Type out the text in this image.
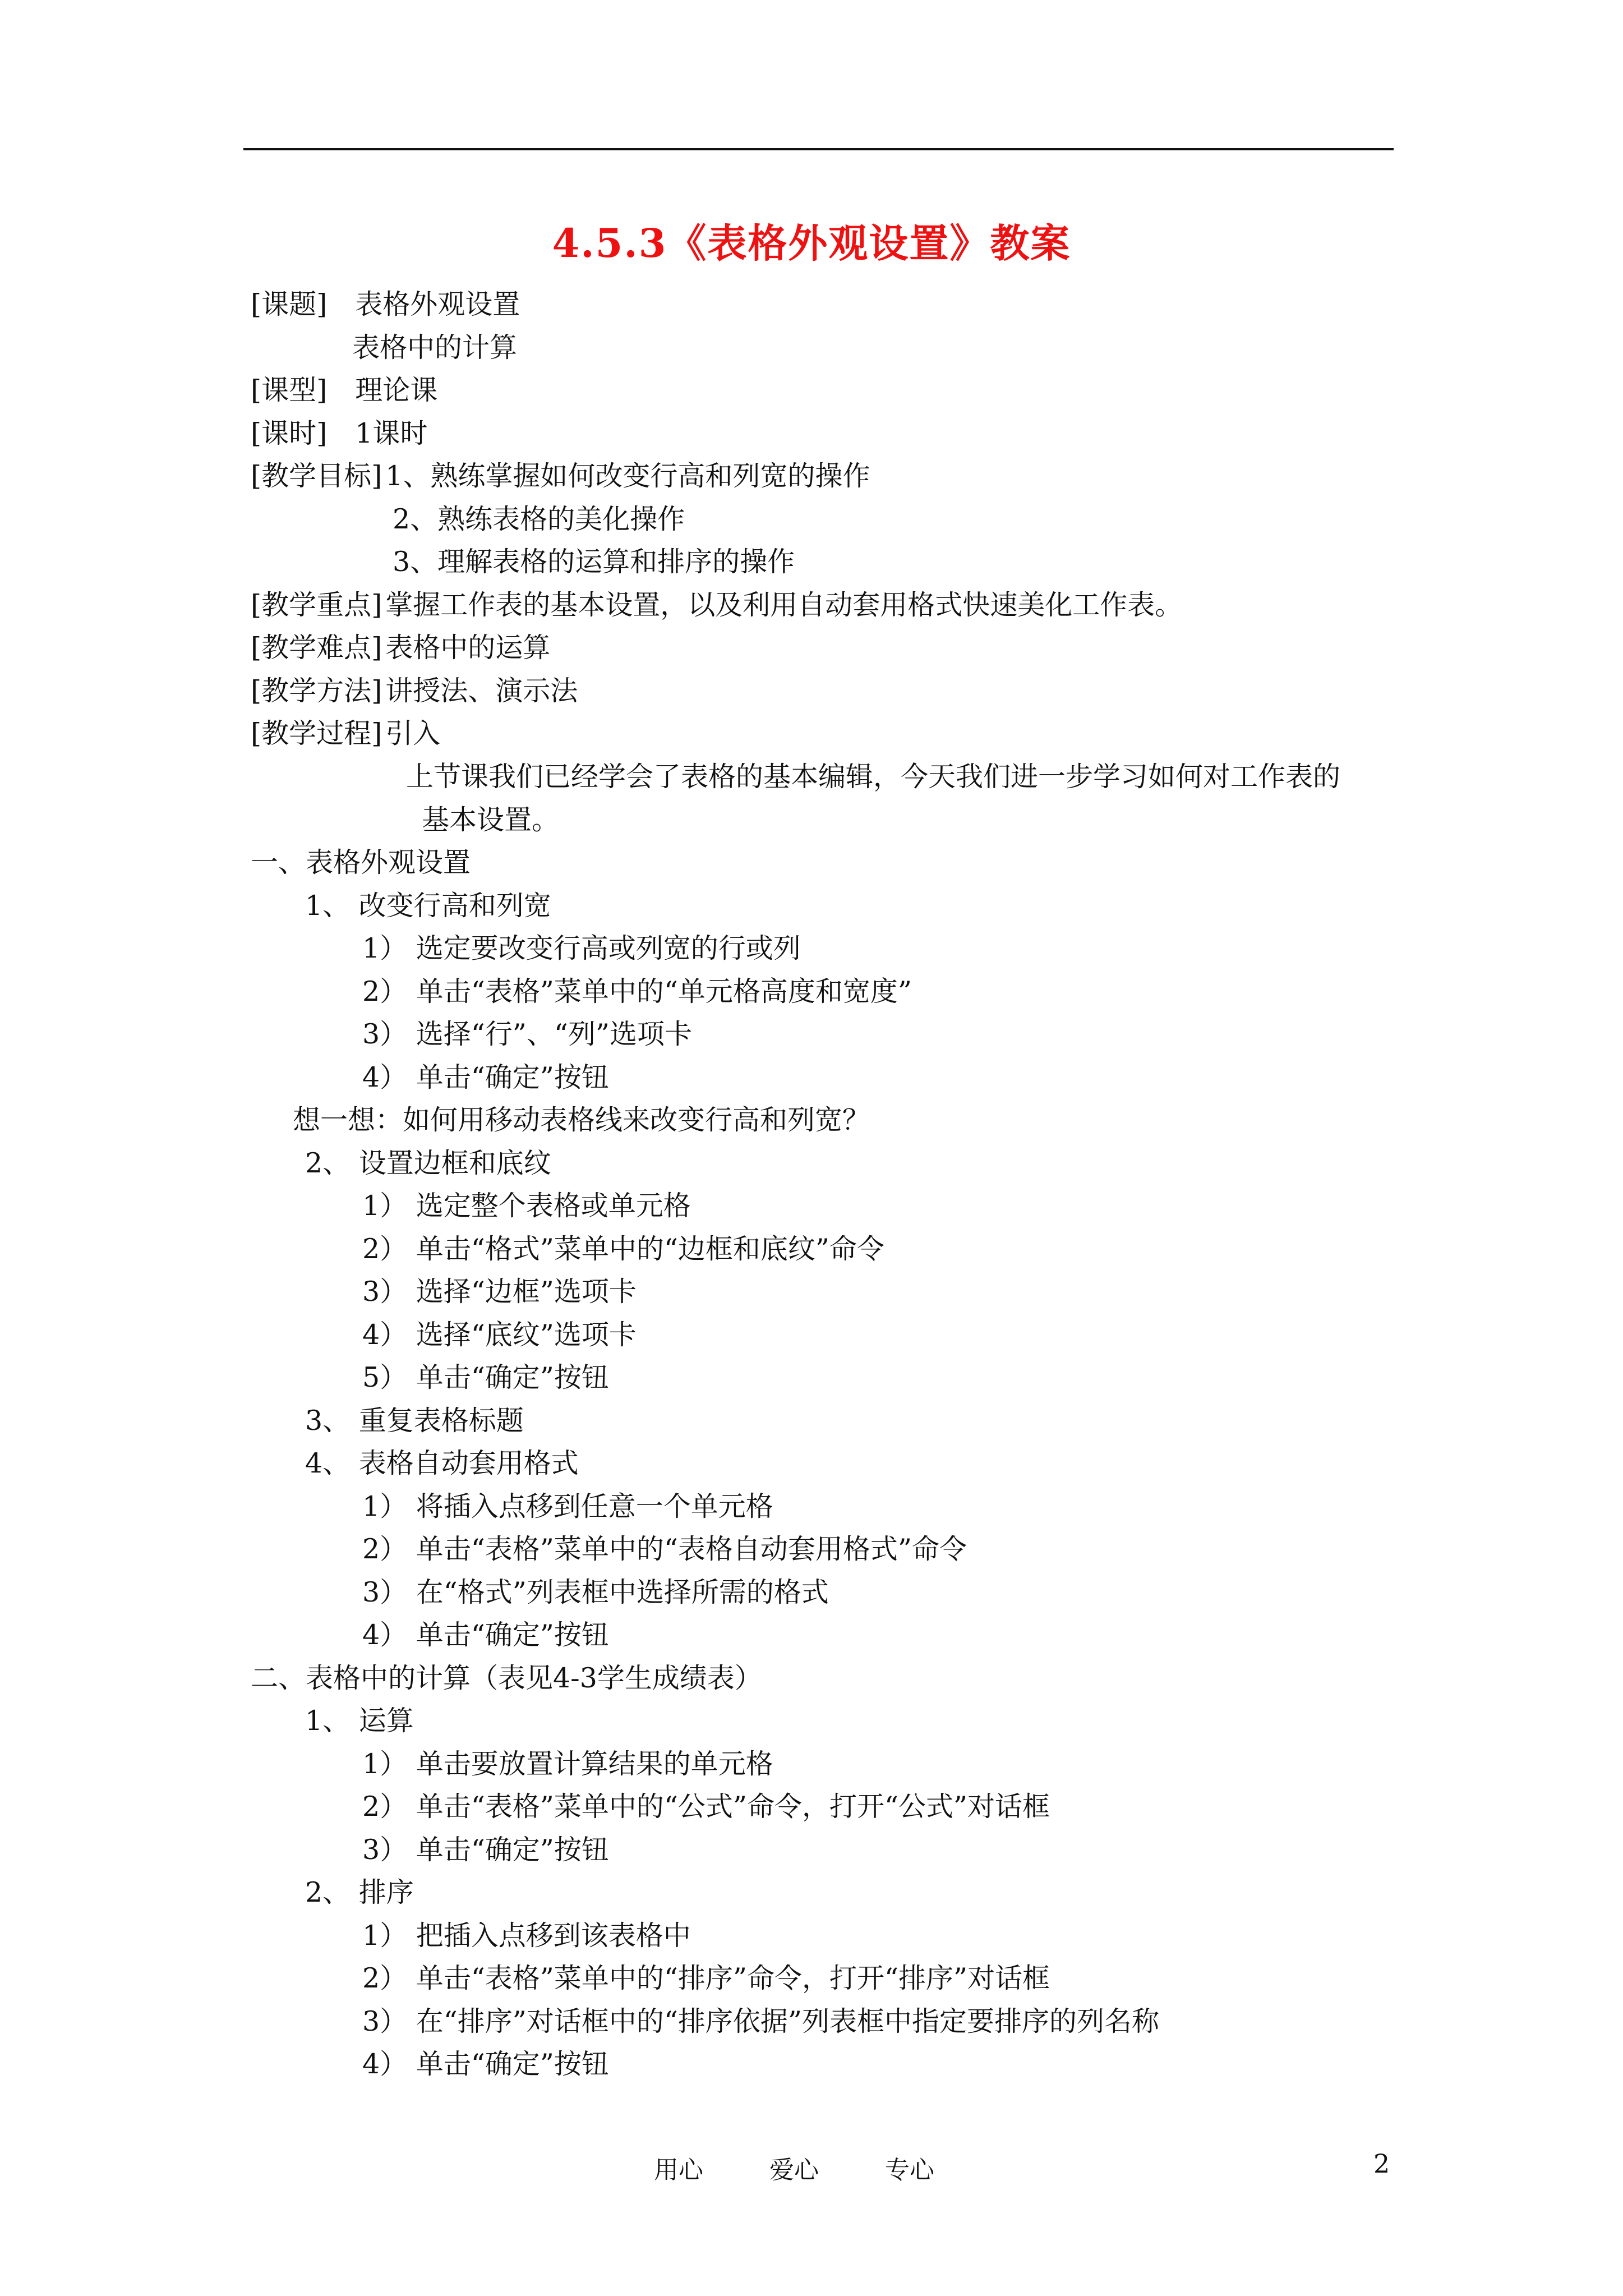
4.5.3《表格外观设置》教案
[课题] 表格外观设置
表格中的计算
[课型] 理论课
[课时] 1课时
[教学目标] 1、熟练掌握如何改变行高和列宽的操作
2、熟练表格的美化操作
3、理解表格的运算和排序的操作
[教学重点] 掌握工作表的基本设置，以及利用自动套用格式快速美化工作表。
[教学难点] 表格中的运算
[教学方法] 讲授法、演示法
[教学过程] 引入
上节课我们已经学会了表格的基本编辑，今天我们进一步学习如何对工作表的
基本设置。
一、表格外观设置
1、 改变行高和列宽
1） 选定要改变行高或列宽的行或列
2） 单击“表格”菜单中的“单元格高度和宽度”
3） 选择“行”、“列”选项卡
4） 单击“确定”按钮
想一想：如何用移动表格线来改变行高和列宽？
2、 设置边框和底纹
1） 选定整个表格或单元格
2） 单击“格式”菜单中的“边框和底纹”命令
3） 选择“边框”选项卡
4） 选择“底纹”选项卡
5） 单击“确定”按钮
3、 重复表格标题
4、 表格自动套用格式
1） 将插入点移到任意一个单元格
2） 单击“表格”菜单中的“表格自动套用格式”命令
3） 在“格式”列表框中选择所需的格式
4） 单击“确定”按钮
二、表格中的计算（表见4-3学生成绩表）
1、 运算
1） 单击要放置计算结果的单元格
2） 单击“表格”菜单中的“公式”命令，打开“公式”对话框
3） 单击“确定”按钮
2、 排序
1） 把插入点移到该表格中
2） 单击“表格”菜单中的“排序”命令，打开“排序”对话框
3） 在“排序”对话框中的“排序依据”列表框中指定要排序的列名称
4） 单击“确定”按钮
用心	爱心	专心	2
